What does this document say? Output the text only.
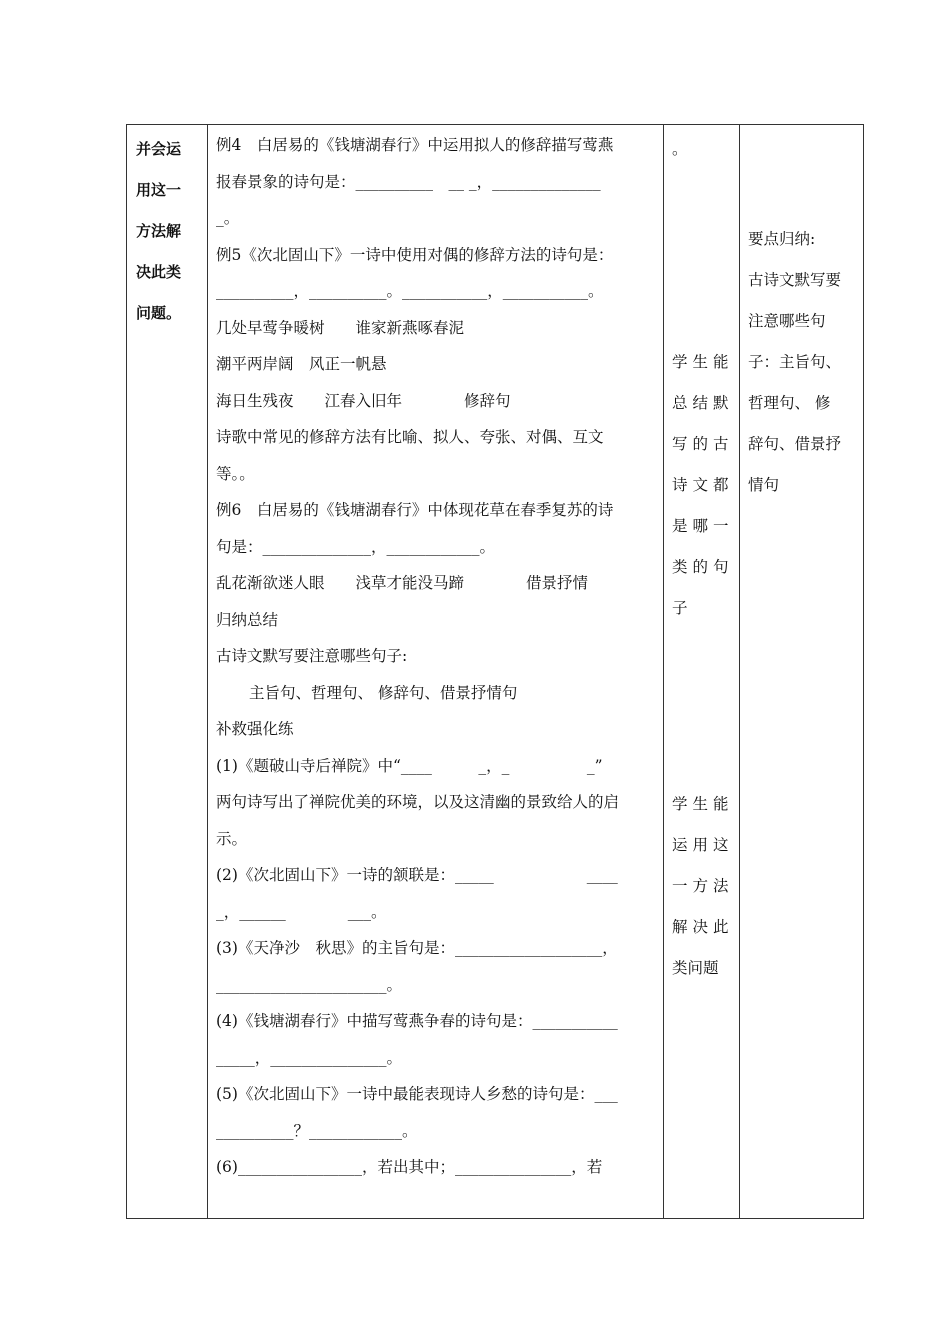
并会运
用这一
方法解
决此类
问题。

例4　白居易的《钱塘湖春行》中运用拟人的修辞描写莺燕

报春景象的诗句是：__________　__ _，______________

_。

例5《次北固山下》一诗中使用对偶的修辞方法的诗句是：

__________，__________。___________，___________。

几处早莺争暖树　　谁家新燕啄春泥

潮平两岸阔　风正一帆悬

海日生残夜　　江春入旧年　　　　修辞句

诗歌中常见的修辞方法有比喻、拟人、夸张、对偶、互文

等。。

例6　白居易的《钱塘湖春行》中体现花草在春季复苏的诗

句是：______________，____________。

乱花渐欲迷人眼　　浅草才能没马蹄　　　　借景抒情

归纳总结

古诗文默写要注意哪些句子:

主旨句、哲理句、 修辞句、借景抒情句

补救强化练

(1)《题破山寺后禅院》中“____　　　_，_　　　　　_”

两句诗写出了禅院优美的环境，以及这清幽的景致给人的启

示。

(2)《次北固山下》一诗的颔联是：_____　　　　　　____

_，______　　　　___。

(3)《天净沙　秋思》的主旨句是：___________________，

______________________。

(4)《钱塘湖春行》中描写莺燕争春的诗句是：___________

_____，_______________。

(5)《次北固山下》一诗中最能表现诗人乡愁的诗句是：___

__________？____________。

(6)________________，若出其中；_______________，若

。

学生能

总结默

写的古

诗文都

是哪一

类的句

子

学生能

运用这

一方法

解决此

类问题

要点归纳:

古诗文默写要

注意哪些句

子：主旨句、

哲理句、 修

辞句、借景抒

情句
